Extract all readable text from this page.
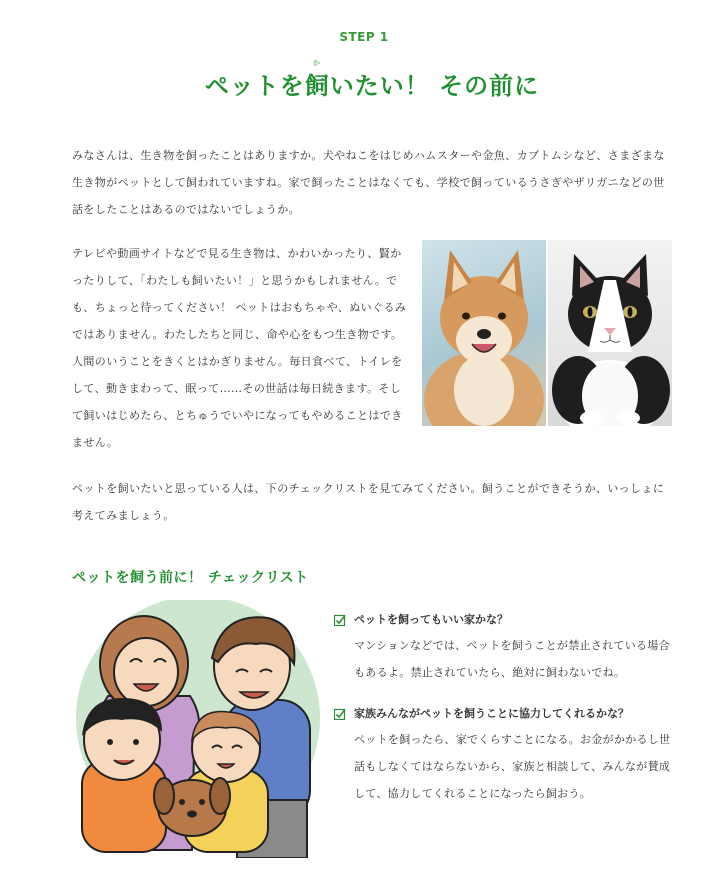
STEP 1
か
ペットを飼いたい！ その前に
みなさんは、生き物を飼ったことはありますか。犬やねこをはじめハムスターや金魚、カブトムシなど、さまざまな生き物がペットとして飼われていますね。家で飼ったことはなくても、学校で飼っているうさぎやザリガニなどの世話をしたことはあるのではないでしょうか。
テレビや動画サイトなどで見る生き物は、かわいかったり、賢かったりして、「わたしも飼いたい！」と思うかもしれません。でも、ちょっと待ってください！ ペットはおもちゃや、ぬいぐるみではありません。わたしたちと同じ、命や心をもつ生き物です。人間のいうことをきくとはかぎりません。毎日食べて、トイレをして、動きまわって、眠って……その世話は毎日続きます。そして飼いはじめたら、とちゅうでいやになってもやめることはできません。
ペットを飼いたいと思っている人は、下のチェックリストを見てみてください。飼うことができそうか、いっしょに考えてみましょう。
ペットを飼う前に！ チェックリスト
ペットを飼ってもいい家かな？
マンションなどでは、ペットを飼うことが禁止されている場合もあるよ。禁止されていたら、絶対に飼わないでね。
家族みんながペットを飼うことに協力してくれるかな？
ペットを飼ったら、家でくらすことになる。お金がかかるし世話もしなくてはならないから、家族と相談して、みんなが賛成して、協力してくれることになったら飼おう。
